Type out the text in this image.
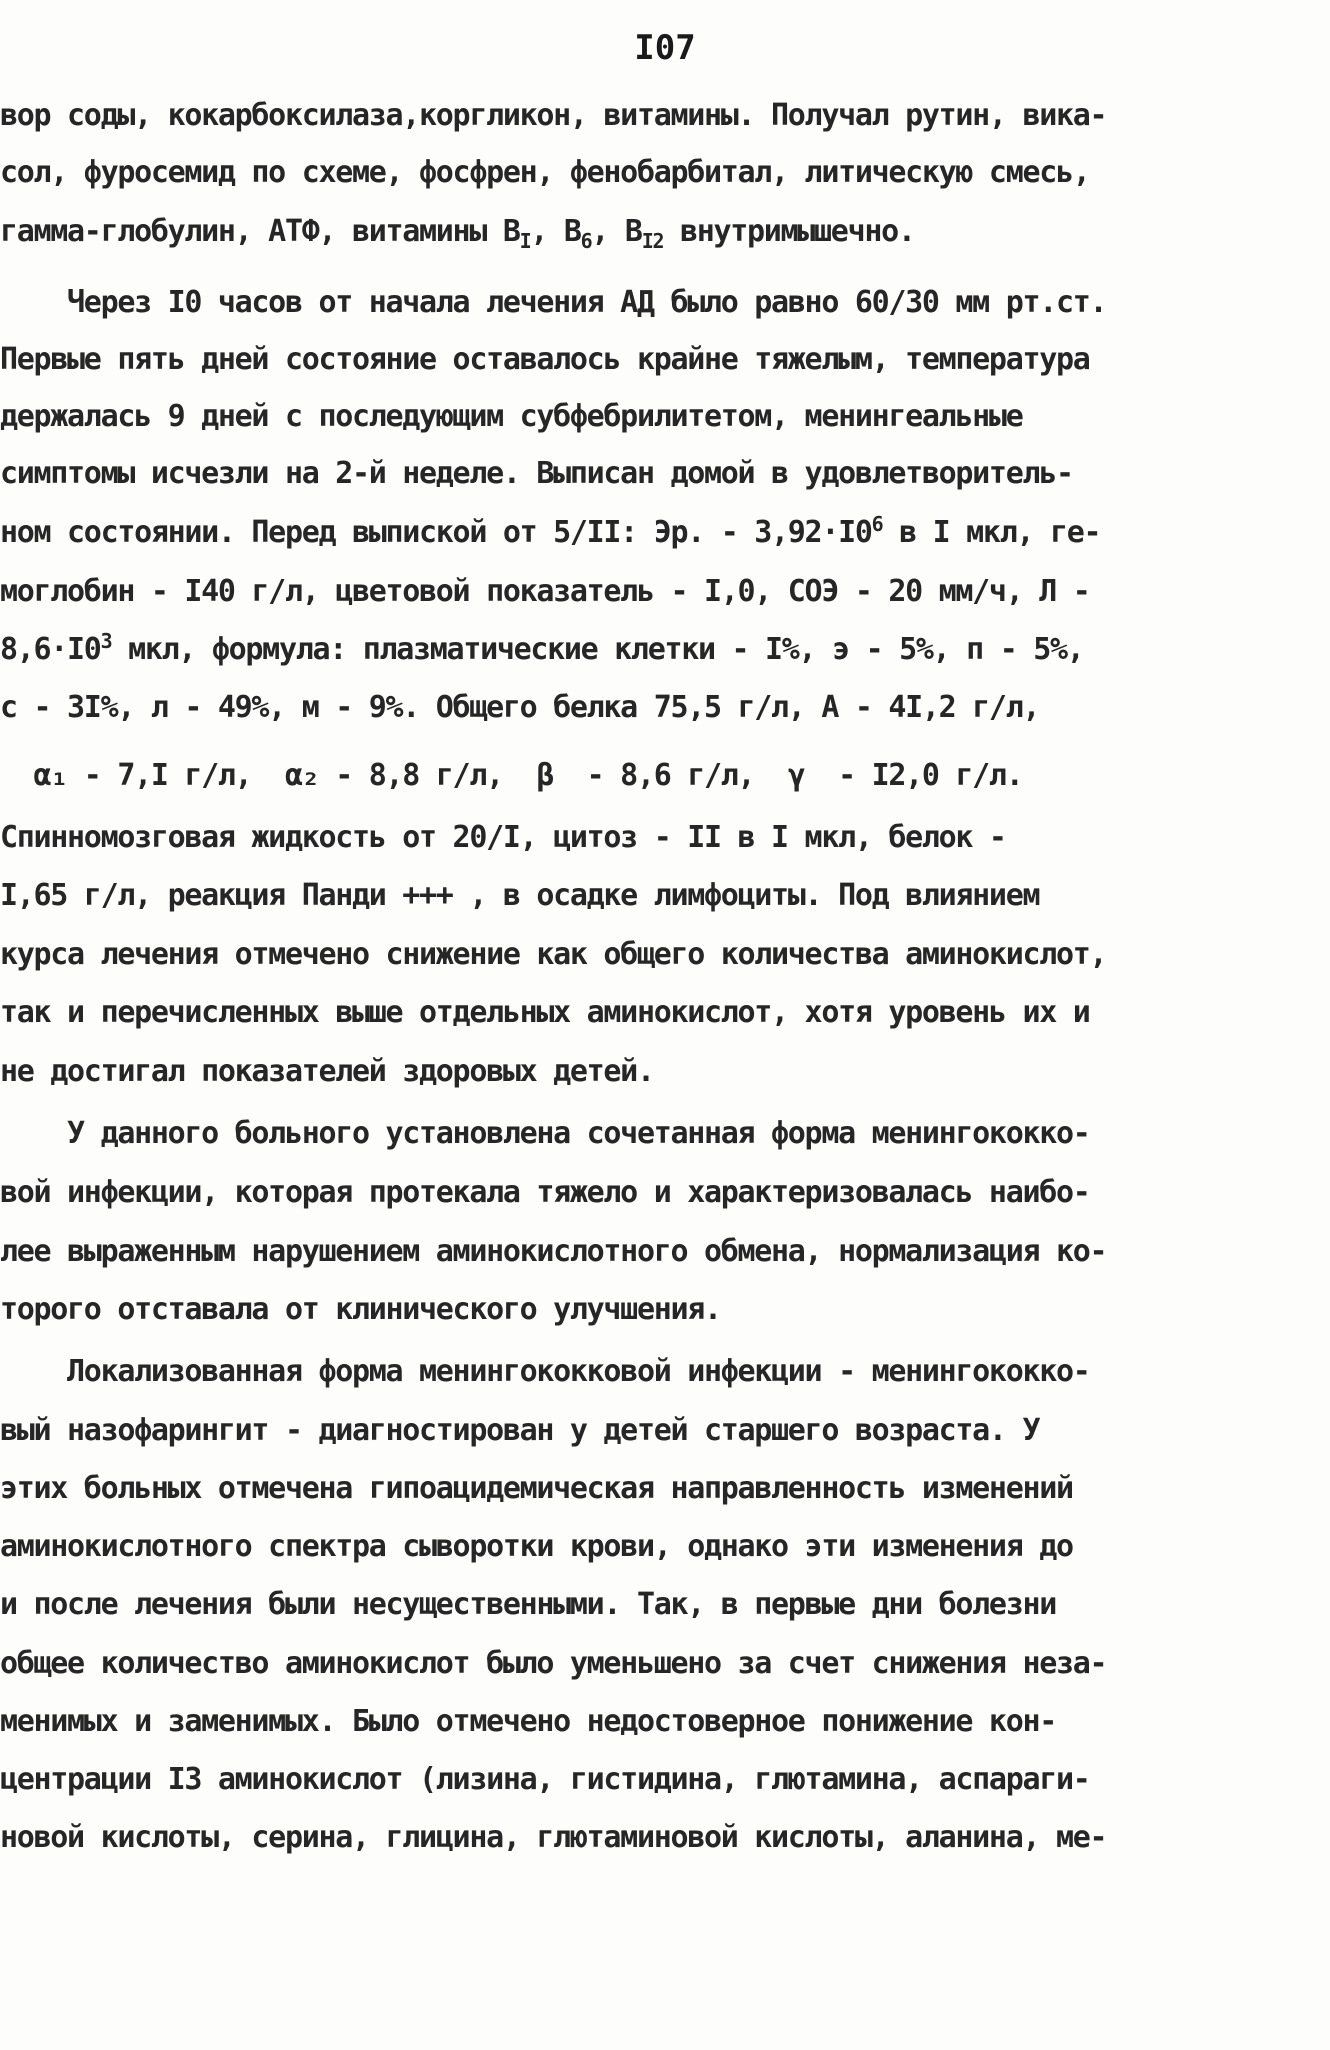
I07
вор соды, кокарбоксилаза,коргликон, витамины. Получал рутин, вика-
сол, фуросемид по схеме, фосфрен, фенобарбитал, литическую смесь,
гамма-глобулин, АТФ, витамины $B_I$, $B_6$, $B_{I2}$ внутримышечно.
Через I0 часов от начала лечения АД было равно 60/30 мм рт.ст.
Первые пять дней состояние оставалось крайне тяжелым, температура
держалась 9 дней с последующим субфебрилитетом, менингеальные
симптомы исчезли на 2-й неделе. Выписан домой в удовлетворитель-
ном состоянии. Перед выпиской от 5/II: Эр. - $3,92\cdot I0^6$ в I мкл, ге-
моглобин - I40 г/л, цветовой показатель - I,0, СОЭ - 20 мм/ч, Л -
$8,6\cdot I0^3$ мкл, формула: плазматические клетки - I%, э - 5%, п - 5%,
с - 3I%, л - 49%, м - 9%. Общего белка 75,5 г/л, А - 4I,2 г/л,
α₁ - 7,I г/л,  α₂ - 8,8 г/л,  β  - 8,6 г/л,  γ  - I2,0 г/л.
Спинномозговая жидкость от 20/I, цитоз - II в I мкл, белок -
I,65 г/л, реакция Панди +++ , в осадке лимфоциты. Под влиянием
курса лечения отмечено снижение как общего количества аминокислот,
так и перечисленных выше отдельных аминокислот, хотя уровень их и
не достигал показателей здоровых детей.
У данного больного установлена сочетанная форма менингококко-
вой инфекции, которая протекала тяжело и характеризовалась наибо-
лее выраженным нарушением аминокислотного обмена, нормализация ко-
торого отставала от клинического улучшения.
Локализованная форма менингококковой инфекции - менингококко-
вый назофарингит - диагностирован у детей старшего возраста. У
этих больных отмечена гипоацидемическая направленность изменений
аминокислотного спектра сыворотки крови, однако эти изменения до
и после лечения были несущественными. Так, в первые дни болезни
общее количество аминокислот было уменьшено за счет снижения неза-
менимых и заменимых. Было отмечено недостоверное понижение кон-
центрации I3 аминокислот (лизина, гистидина, глютамина, аспараги-
новой кислоты, серина, глицина, глютаминовой кислоты, аланина, ме-
